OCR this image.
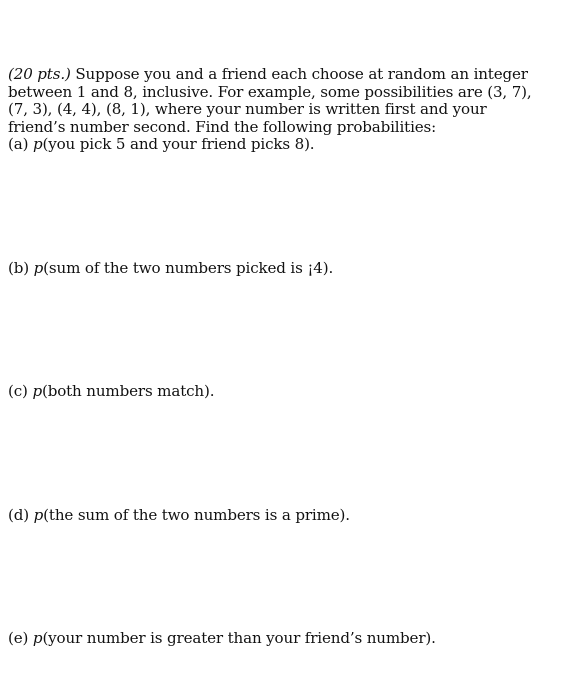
(20 pts.) Suppose you and a friend each choose at random an integer between 1 and 8, inclusive. For example, some possibilities are (3, 7), (7, 3), (4, 4), (8, 1), where your number is written first and your friend’s number second. Find the following probabilities:
(a) p(you pick 5 and your friend picks 8).
(b) p(sum of the two numbers picked is ¡4).
(c) p(both numbers match).
(d) p(the sum of the two numbers is a prime).
(e) p(your number is greater than your friend’s number).
